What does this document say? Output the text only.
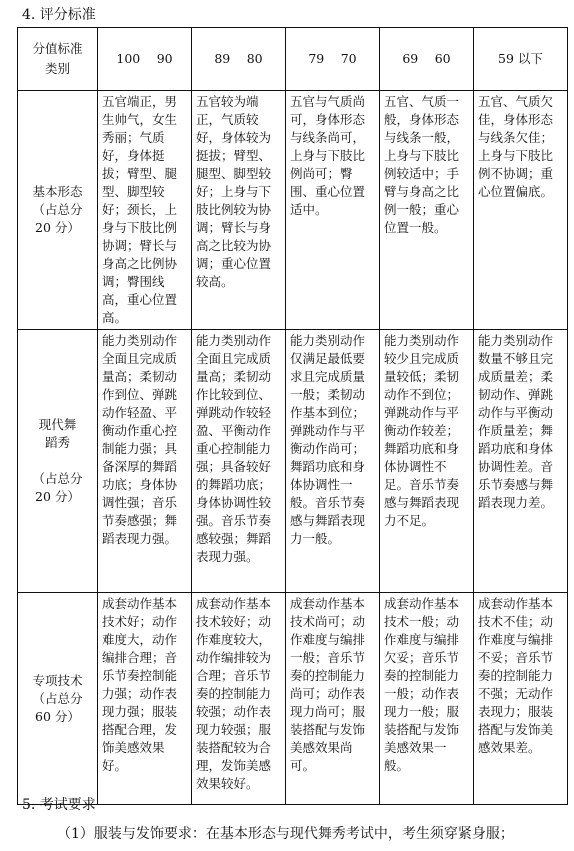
4. 评分标准
分值标准
类别	100　 90	89　 80	79　 70	69　 60	59 以下

基本形态
（占总分
20 分）	五官端正，男生帅气，女生秀丽；气质好，身体挺拔；臂型、腿型、脚型较好；颈长，上身与下肢比例协调；臂长与身高之比例协调；臀围线高，重心位置高。	五官较为端正，气质较好，身体较为挺拔；臂型、腿型、脚型较好；上身与下肢比例较为协调；臂长与身高之比较为协调；重心位置较高。	五官与气质尚可，身体形态与线条尚可，上身与下肢比例尚可；臀围、重心位置适中。	五官、气质一般，身体形态与线条一般，上身与下肢比例较适中；手臂与身高之比例一般；重心位置一般。	五官、气质欠佳，身体形态与线条欠佳；上身与下肢比例不协调；重心位置偏底。

现代舞
蹈秀
（占总分
20 分）	能力类别动作全面且完成质量高；柔韧动作到位、弹跳动作轻盈、平衡动作重心控制能力强；具备深厚的舞蹈功底；身体协调性强；音乐节奏感强；舞蹈表现力强。	能力类别动作全面且完成质量高；柔韧动作比较到位、弹跳动作较轻盈、平衡动作重心控制能力强；具备较好的舞蹈功底；身体协调性较强。音乐节奏感较强；舞蹈表现力强。	能力类别动作仅满足最低要求且完成质量一般；柔韧动作基本到位；弹跳动作与平衡动作尚可；舞蹈功底和身体协调性一般。音乐节奏感与舞蹈表现力一般。	能力类别动作较少且完成质量较低；柔韧动作不到位；弹跳动作与平衡动作较差；舞蹈功底和身体协调性不足。音乐节奏感与舞蹈表现力不足。	能力类别动作数量不够且完成质量差；柔韧动作、弹跳动作与平衡动作质量差；舞蹈功底和身体协调性差。音乐节奏感与舞蹈表现力差。

专项技术
（占总分
60 分）	成套动作基本技术好；动作难度大，动作编排合理；音乐节奏控制能力强；动作表现力强；服装搭配合理，发饰美感效果好。	成套动作基本技术较好；动作难度较大，动作编排较为合理；音乐节奏的控制能力较强；动作表现力较强；服装搭配较为合理，发饰美感效果较好。	成套动作基本技术尚可；动作难度与编排一般；音乐节奏的控制能力尚可；动作表现力尚可；服装搭配与发饰美感效果尚可。	成套动作基本技术一般；动作难度与编排欠妥；音乐节奏的控制能力一般；动作表现力一般；服装搭配与发饰美感效果一般。	成套动作基本技术不佳；动作难度与编排不妥；音乐节奏的控制能力不强；无动作表现力；服装搭配与发饰美感效果差。
5. 考试要求
（1）服装与发饰要求：在基本形态与现代舞秀考试中，考生须穿紧身服；
